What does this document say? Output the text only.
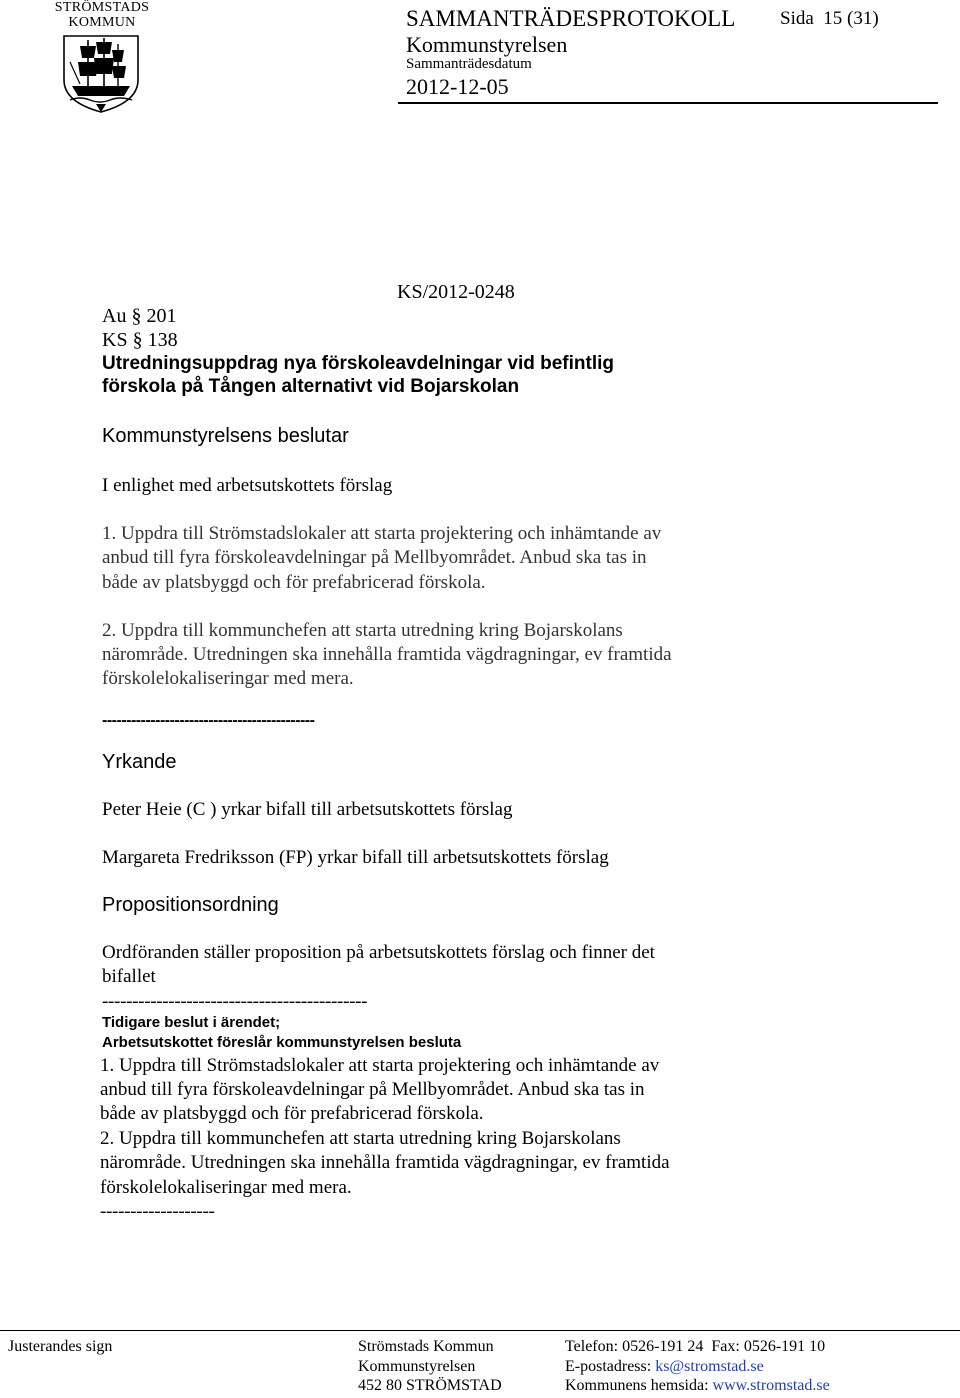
STRÖMSTADS
KOMMUN	SAMMANTRÄDESPROTOKOLL
Kommunstyrelsen
Sammanträdesdatum
2012-12-05
Sida  15 (31)
KS/2012-0248
Au § 201
KS § 138
Utredningsuppdrag nya förskoleavdelningar vid befintlig
förskola på Tången alternativt vid Bojarskolan
Kommunstyrelsens beslutar
I enlighet med arbetsutskottets förslag
1. Uppdra till Strömstadslokaler att starta projektering och inhämtande av
anbud till fyra förskoleavdelningar på Mellbyområdet. Anbud ska tas in
både av platsbyggd och för prefabricerad förskola.
2. Uppdra till kommunchefen att starta utredning kring Bojarskolans
närområde. Utredningen ska innehålla framtida vägdragningar, ev framtida
förskolelokaliseringar med mera.
--------------------------------------------
Yrkande
Peter Heie (C ) yrkar bifall till arbetsutskottets förslag
Margareta Fredriksson (FP) yrkar bifall till arbetsutskottets förslag
Propositionsordning
Ordföranden ställer proposition på arbetsutskottets förslag och finner det
bifallet
--------------------------------------------
Tidigare beslut i ärendet;
Arbetsutskottet föreslår kommunstyrelsen besluta
1. Uppdra till Strömstadslokaler att starta projektering och inhämtande av
anbud till fyra förskoleavdelningar på Mellbyområdet. Anbud ska tas in
både av platsbyggd och för prefabricerad förskola.
2. Uppdra till kommunchefen att starta utredning kring Bojarskolans
närområde. Utredningen ska innehålla framtida vägdragningar, ev framtida
förskolelokaliseringar med mera.
-------------------
Justerandes sign	Strömstads Kommun
Kommunstyrelsen
452 80 STRÖMSTAD
Telefon: 0526-191 24  Fax: 0526-191 10
E-postadress: ks@stromstad.se
Kommunens hemsida: www.stromstad.se
